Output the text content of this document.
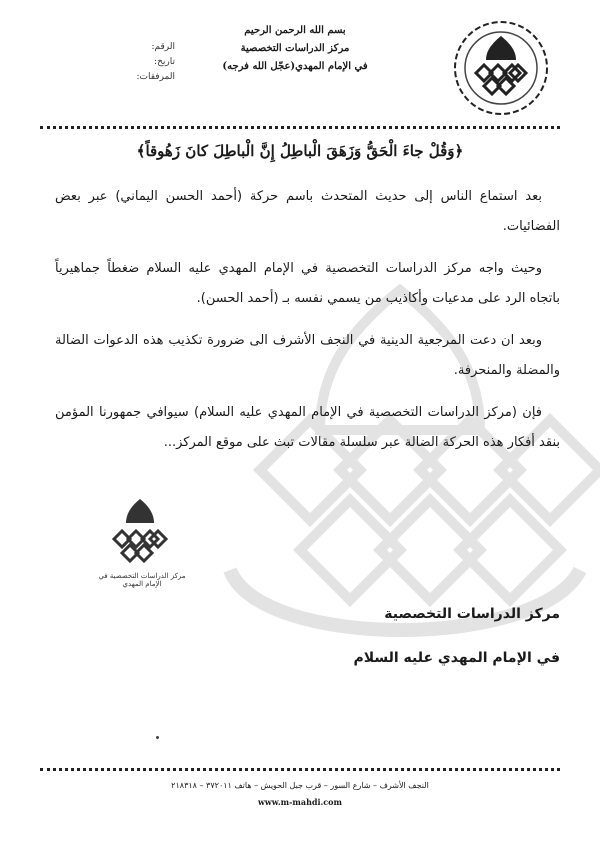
بسم الله الرحمن الرحيم
مركز الدراسات التخصصية
في الإمام المهدي(عجّل الله فرجه)
الرقم:
تاريخ:
المرفقات:
﴿وَقُلْ جاءَ الْحَقُّ وَزَهَقَ الْباطِلُ إِنَّ الْباطِلَ كانَ زَهُوقاً﴾

بعد استماع الناس إلى حديث المتحدث باسم حركة (أحمد الحسن اليماني) عبر بعض الفضائيات.

وحيث واجه مركز الدراسات التخصصية في الإمام المهدي عليه السلام ضغطاً جماهيرياً باتجاه الرد على مدعيات وأكاذيب من يسمي نفسه بـ (أحمد الحسن).

وبعد ان دعت المرجعية الدينية في النجف الأشرف الى ضرورة تكذيب هذه الدعوات الضالة والمضلة والمنحرفة.

فإن (مركز الدراسات التخصصية في الإمام المهدي عليه السلام) سيوافي جمهورنا المؤمن بنقد أفكار هذه الحركة الضالة عبر سلسلة مقالات تبث على موقع المركز...

مركز الدراسات التخصصية في الإمام المهدي
مركز الدراسات التخصصية
في الإمام المهدي عليه السلام
النجف الأشرف – شارع السور – قرب جبل الحويش – هاتف ٣٧٢٠١١ – ٢١٨٣١٨
www.m-mahdi.com
